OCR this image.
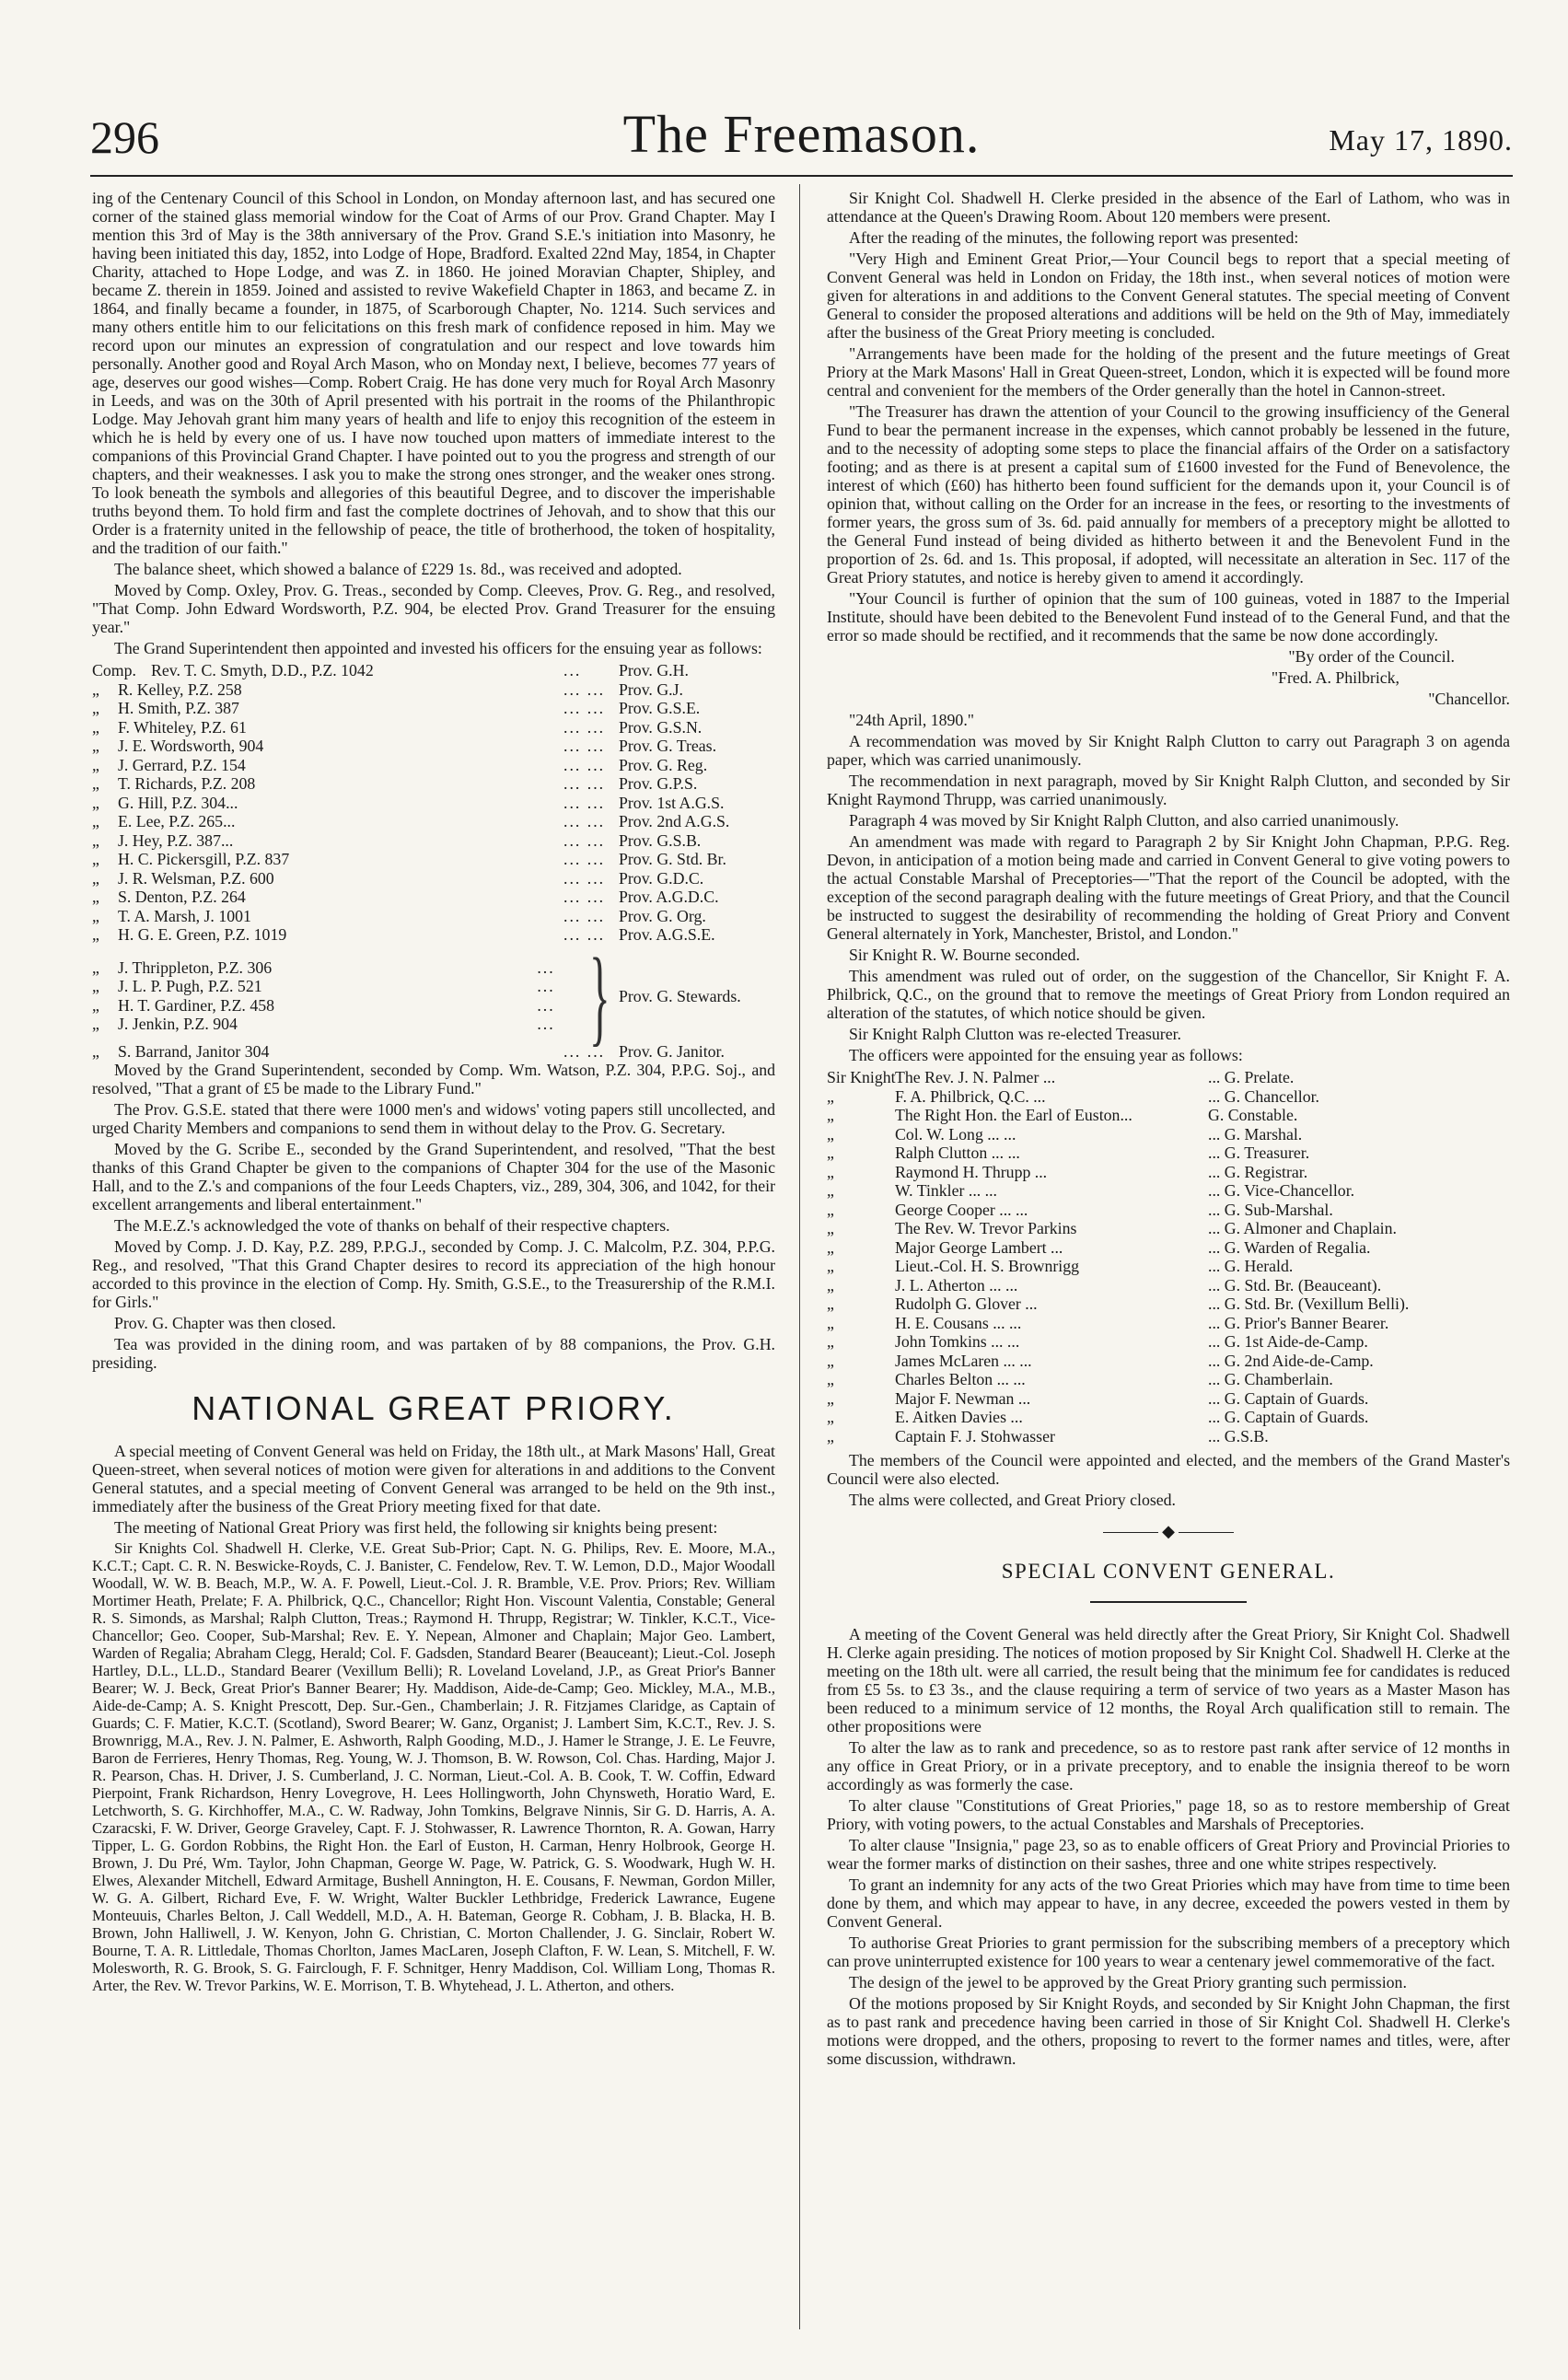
296	The Freemason.	May 17, 1890.

ing of the Centenary Council of this School in London, on Monday afternoon last, and has secured one corner of the stained glass memorial window for the Coat of Arms of our Prov. Grand Chapter. May I mention this 3rd of May is the 38th anniversary of the Prov. Grand S.E.'s initiation into Masonry, he having been initiated this day, 1852, into Lodge of Hope, Bradford. Exalted 22nd May, 1854, in Chapter Charity, attached to Hope Lodge, and was Z. in 1860. He joined Moravian Chapter, Shipley, and became Z. therein in 1859. Joined and assisted to revive Wakefield Chapter in 1863, and became Z. in 1864, and finally became a founder, in 1875, of Scarborough Chapter, No. 1214. Such services and many others entitle him to our felicitations on this fresh mark of confidence reposed in him. May we record upon our minutes an expression of congratulation and our respect and love towards him personally. Another good and Royal Arch Mason, who on Monday next, I believe, becomes 77 years of age, deserves our good wishes—Comp. Robert Craig. He has done very much for Royal Arch Masonry in Leeds, and was on the 30th of April presented with his portrait in the rooms of the Philanthropic Lodge. May Jehovah grant him many years of health and life to enjoy this recognition of the esteem in which he is held by every one of us. I have now touched upon matters of immediate interest to the companions of this Provincial Grand Chapter. I have pointed out to you the progress and strength of our chapters, and their weaknesses. I ask you to make the strong ones stronger, and the weaker ones strong. To look beneath the symbols and allegories of this beautiful Degree, and to discover the imperishable truths beyond them. To hold firm and fast the complete doctrines of Jehovah, and to show that this our Order is a fraternity united in the fellowship of peace, the title of brotherhood, the token of hospitality, and the tradition of our faith."

The balance sheet, which showed a balance of £229 1s. 8d., was received and adopted.

Moved by Comp. Oxley, Prov. G. Treas., seconded by Comp. Cleeves, Prov. G. Reg., and resolved, "That Comp. John Edward Wordsworth, P.Z. 904, be elected Prov. Grand Treasurer for the ensuing year."

The Grand Superintendent then appointed and invested his officers for the ensuing year as follows:

Comp. Rev. T. C. Smyth, D.D., P.Z. 1042	...	Prov. G.H.
„	R. Kelley, P.Z. 258	... ... Prov. G.J.
„	H. Smith, P.Z. 387	... ... Prov. G.S.E.
„	F. Whiteley, P.Z. 61	... ... Prov. G.S.N.
„	J. E. Wordsworth, 904	... ... Prov. G. Treas.
„	J. Gerrard, P.Z. 154	... ... Prov. G. Reg.
„	T. Richards, P.Z. 208	... ... Prov. G.P.S.
„	G. Hill, P.Z. 304...	... ... Prov. 1st A.G.S.
„	E. Lee, P.Z. 265...	... ... Prov. 2nd A.G.S.
„	J. Hey, P.Z. 387...	... ... Prov. G.S.B.
„	H. C. Pickersgill, P.Z. 837	... ... Prov. G. Std. Br.
„	J. R. Welsman, P.Z. 600	... ... Prov. G.D.C.
„	S. Denton, P.Z. 264	... ... Prov. A.G.D.C.
„	T. A. Marsh, J. 1001	... ... Prov. G. Org.
„	H. G. E. Green, P.Z. 1019	... ... Prov. A.G.S.E.
„	J. Thrippleton, P.Z. 306	...
„	J. L. P. Pugh, P.Z. 521	...
„	H. T. Gardiner, P.Z. 458	...
„	J. Jenkin, P.Z. 904	... } Prov. G. Stewards.
„	S. Barrand, Janitor 304	... ... Prov. G. Janitor.

Moved by the Grand Superintendent, seconded by Comp. Wm. Watson, P.Z. 304, P.P.G. Soj., and resolved, "That a grant of £5 be made to the Library Fund."

The Prov. G.S.E. stated that there were 1000 men's and widows' voting papers still uncollected, and urged Charity Members and companions to send them in without delay to the Prov. G. Secretary.

Moved by the G. Scribe E., seconded by the Grand Superintendent, and resolved, "That the best thanks of this Grand Chapter be given to the companions of Chapter 304 for the use of the Masonic Hall, and to the Z.'s and companions of the four Leeds Chapters, viz., 289, 304, 306, and 1042, for their excellent arrangements and liberal entertainment."

The M.E.Z.'s acknowledged the vote of thanks on behalf of their respective chapters.

Moved by Comp. J. D. Kay, P.Z. 289, P.P.G.J., seconded by Comp. J. C. Malcolm, P.Z. 304, P.P.G. Reg., and resolved, "That this Grand Chapter desires to record its appreciation of the high honour accorded to this province in the election of Comp. Hy. Smith, G.S.E., to the Treasurership of the R.M.I. for Girls."

Prov. G. Chapter was then closed.

Tea was provided in the dining room, and was partaken of by 88 companions, the Prov. G.H. presiding.

NATIONAL GREAT PRIORY.

A special meeting of Convent General was held on Friday, the 18th ult., at Mark Masons' Hall, Great Queen-street, when several notices of motion were given for alterations in and additions to the Convent General statutes, and a special meeting of Convent General was arranged to be held on the 9th inst., immediately after the business of the Great Priory meeting fixed for that date.

The meeting of National Great Priory was first held, the following sir knights being present:

Sir Knights Col. Shadwell H. Clerke, V.E. Great Sub-Prior; Capt. N. G. Philips, Rev. E. Moore, M.A., K.C.T.; Capt. C. R. N. Beswicke-Royds, C. J. Banister, C. Fendelow, Rev. T. W. Lemon, D.D., Major Woodall Woodall, W. W. B. Beach, M.P., W. A. F. Powell, Lieut.-Col. J. R. Bramble, V.E. Prov. Priors; Rev. William Mortimer Heath, Prelate; F. A. Philbrick, Q.C., Chancellor; Right Hon. Viscount Valentia, Constable; General R. S. Simonds, as Marshal; Ralph Clutton, Treas.; Raymond H. Thrupp, Registrar; W. Tinkler, K.C.T., Vice-Chancellor; Geo. Cooper, Sub-Marshal; Rev. E. Y. Nepean, Almoner and Chaplain; Major Geo. Lambert, Warden of Regalia; Abraham Clegg, Herald; Col. F. Gadsden, Standard Bearer (Beauceant); Lieut.-Col. Joseph Hartley, D.L., LL.D., Standard Bearer (Vexillum Belli); R. Loveland Loveland, J.P., as Great Prior's Banner Bearer; W. J. Beck, Great Prior's Banner Bearer; Hy. Maddison, Aide-de-Camp; Geo. Mickley, M.A., M.B., Aide-de-Camp; A. S. Knight Prescott, Dep. Sur.-Gen., Chamberlain; J. R. Fitzjames Claridge, as Captain of Guards; C. F. Matier, K.C.T. (Scotland), Sword Bearer; W. Ganz, Organist; J. Lambert Sim, K.C.T., Rev. J. S. Brownrigg, M.A., Rev. J. N. Palmer, E. Ashworth, Ralph Gooding, M.D., J. Hamer le Strange, J. E. Le Feuvre, Baron de Ferrieres, Henry Thomas, Reg. Young, W. J. Thomson, B. W. Rowson, Col. Chas. Harding, Major J. R. Pearson, Chas. H. Driver, J. S. Cumberland, J. C. Norman, Lieut.-Col. A. B. Cook, T. W. Coffin, Edward Pierpoint, Frank Richardson, Henry Lovegrove, H. Lees Hollingworth, John Chynsweth, Horatio Ward, E. Letchworth, S. G. Kirchhoffer, M.A., C. W. Radway, John Tomkins, Belgrave Ninnis, Sir G. D. Harris, A. A. Czaracski, F. W. Driver, George Graveley, Capt. F. J. Stohwasser, R. Lawrence Thornton, R. A. Gowan, Harry Tipper, L. G. Gordon Robbins, the Right Hon. the Earl of Euston, H. Carman, Henry Holbrook, George H. Brown, J. Du Pré, Wm. Taylor, John Chapman, George W. Page, W. Patrick, G. S. Woodwark, Hugh W. H. Elwes, Alexander Mitchell, Edward Armitage, Bushell Annington, H. E. Cousans, F. Newman, Gordon Miller, W. G. A. Gilbert, Richard Eve, F. W. Wright, Walter Buckler Lethbridge, Frederick Lawrance, Eugene Monteuuis, Charles Belton, J. Call Weddell, M.D., A. H. Bateman, George R. Cobham, J. B. Blacka, H. B. Brown, John Halliwell, J. W. Kenyon, John G. Christian, C. Morton Challender, J. G. Sinclair, Robert W. Bourne, T. A. R. Littledale, Thomas Chorlton, James MacLaren, Joseph Clafton, F. W. Lean, S. Mitchell, F. W. Molesworth, R. G. Brook, S. G. Fairclough, F. F. Schnitger, Henry Maddison, Col. William Long, Thomas R. Arter, the Rev. W. Trevor Parkins, W. E. Morrison, T. B. Whytehead, J. L. Atherton, and others.

Sir Knight Col. Shadwell H. Clerke presided in the absence of the Earl of Lathom, who was in attendance at the Queen's Drawing Room. About 120 members were present.

After the reading of the minutes, the following report was presented:

"Very High and Eminent Great Prior,—Your Council begs to report that a special meeting of Convent General was held in London on Friday, the 18th inst., when several notices of motion were given for alterations in and additions to the Convent General statutes. The special meeting of Convent General to consider the proposed alterations and additions will be held on the 9th of May, immediately after the business of the Great Priory meeting is concluded.

"Arrangements have been made for the holding of the present and the future meetings of Great Priory at the Mark Masons' Hall in Great Queen-street, London, which it is expected will be found more central and convenient for the members of the Order generally than the hotel in Cannon-street.

"The Treasurer has drawn the attention of your Council to the growing insufficiency of the General Fund to bear the permanent increase in the expenses, which cannot probably be lessened in the future, and to the necessity of adopting some steps to place the financial affairs of the Order on a satisfactory footing; and as there is at present a capital sum of £1600 invested for the Fund of Benevolence, the interest of which (£60) has hitherto been found sufficient for the demands upon it, your Council is of opinion that, without calling on the Order for an increase in the fees, or resorting to the investments of former years, the gross sum of 3s. 6d. paid annually for members of a preceptory might be allotted to the General Fund instead of being divided as hitherto between it and the Benevolent Fund in the proportion of 2s. 6d. and 1s. This proposal, if adopted, will necessitate an alteration in Sec. 117 of the Great Priory statutes, and notice is hereby given to amend it accordingly.

"Your Council is further of opinion that the sum of 100 guineas, voted in 1887 to the Imperial Institute, should have been debited to the Benevolent Fund instead of to the General Fund, and that the error so made should be rectified, and it recommends that the same be now done accordingly.

"By order of the Council.

"Fred. A. Philbrick,

"Chancellor.

"24th April, 1890."

A recommendation was moved by Sir Knight Ralph Clutton to carry out Paragraph 3 on agenda paper, which was carried unanimously.

The recommendation in next paragraph, moved by Sir Knight Ralph Clutton, and seconded by Sir Knight Raymond Thrupp, was carried unanimously.

Paragraph 4 was moved by Sir Knight Ralph Clutton, and also carried unanimously.

An amendment was made with regard to Paragraph 2 by Sir Knight John Chapman, P.P.G. Reg. Devon, in anticipation of a motion being made and carried in Convent General to give voting powers to the actual Constable Marshal of Preceptories—"That the report of the Council be adopted, with the exception of the second paragraph dealing with the future meetings of Great Priory, and that the Council be instructed to suggest the desirability of recommending the holding of Great Priory and Convent General alternately in York, Manchester, Bristol, and London."

Sir Knight R. W. Bourne seconded.

This amendment was ruled out of order, on the suggestion of the Chancellor, Sir Knight F. A. Philbrick, Q.C., on the ground that to remove the meetings of Great Priory from London required an alteration of the statutes, of which notice should be given.

Sir Knight Ralph Clutton was re-elected Treasurer.

The officers were appointed for the ensuing year as follows:

Sir Knight The Rev. J. N. Palmer ...	... G. Prelate.
„	F. A. Philbrick, Q.C. ...	... G. Chancellor.
„	The Right Hon. the Earl of Euston...	G. Constable.
„	Col. W. Long ... ...	... G. Marshal.
„	Ralph Clutton ... ...	... G. Treasurer.
„	Raymond H. Thrupp ...	... G. Registrar.
„	W. Tinkler ... ...	... G. Vice-Chancellor.
„	George Cooper ... ...	... G. Sub-Marshal.
„	The Rev. W. Trevor Parkins	... G. Almoner and Chaplain.
„	Major George Lambert ...	... G. Warden of Regalia.
„	Lieut.-Col. H. S. Brownrigg	... G. Herald.
„	J. L. Atherton ... ...	... G. Std. Br. (Beauceant).
„	Rudolph G. Glover ...	... G. Std. Br. (Vexillum Belli).
„	H. E. Cousans ... ...	... G. Prior's Banner Bearer.
„	John Tomkins ... ...	... G. 1st Aide-de-Camp.
„	James McLaren ... ...	... G. 2nd Aide-de-Camp.
„	Charles Belton ... ...	... G. Chamberlain.
„	Major F. Newman ...	... G. Captain of Guards.
„	E. Aitken Davies ...	... G. Captain of Guards.
„	Captain F. J. Stohwasser	... G.S.B.

The members of the Council were appointed and elected, and the members of the Grand Master's Council were also elected.

The alms were collected, and Great Priory closed.

◆
SPECIAL CONVENT GENERAL.

A meeting of the Covent General was held directly after the Great Priory, Sir Knight Col. Shadwell H. Clerke again presiding. The notices of motion proposed by Sir Knight Col. Shadwell H. Clerke at the meeting on the 18th ult. were all carried, the result being that the minimum fee for candidates is reduced from £5 5s. to £3 3s., and the clause requiring a term of service of two years as a Master Mason has been reduced to a minimum service of 12 months, the Royal Arch qualification still to remain. The other propositions were

To alter the law as to rank and precedence, so as to restore past rank after service of 12 months in any office in Great Priory, or in a private preceptory, and to enable the insignia thereof to be worn accordingly as was formerly the case.

To alter clause "Constitutions of Great Priories," page 18, so as to restore membership of Great Priory, with voting powers, to the actual Constables and Marshals of Preceptories.

To alter clause "Insignia," page 23, so as to enable officers of Great Priory and Provincial Priories to wear the former marks of distinction on their sashes, three and one white stripes respectively.

To grant an indemnity for any acts of the two Great Priories which may have from time to time been done by them, and which may appear to have, in any decree, exceeded the powers vested in them by Convent General.

To authorise Great Priories to grant permission for the subscribing members of a preceptory which can prove uninterrupted existence for 100 years to wear a centenary jewel commemorative of the fact.

The design of the jewel to be approved by the Great Priory granting such permission.

Of the motions proposed by Sir Knight Royds, and seconded by Sir Knight John Chapman, the first as to past rank and precedence having been carried in those of Sir Knight Col. Shadwell H. Clerke's motions were dropped, and the others, proposing to revert to the former names and titles, were, after some discussion, withdrawn.
